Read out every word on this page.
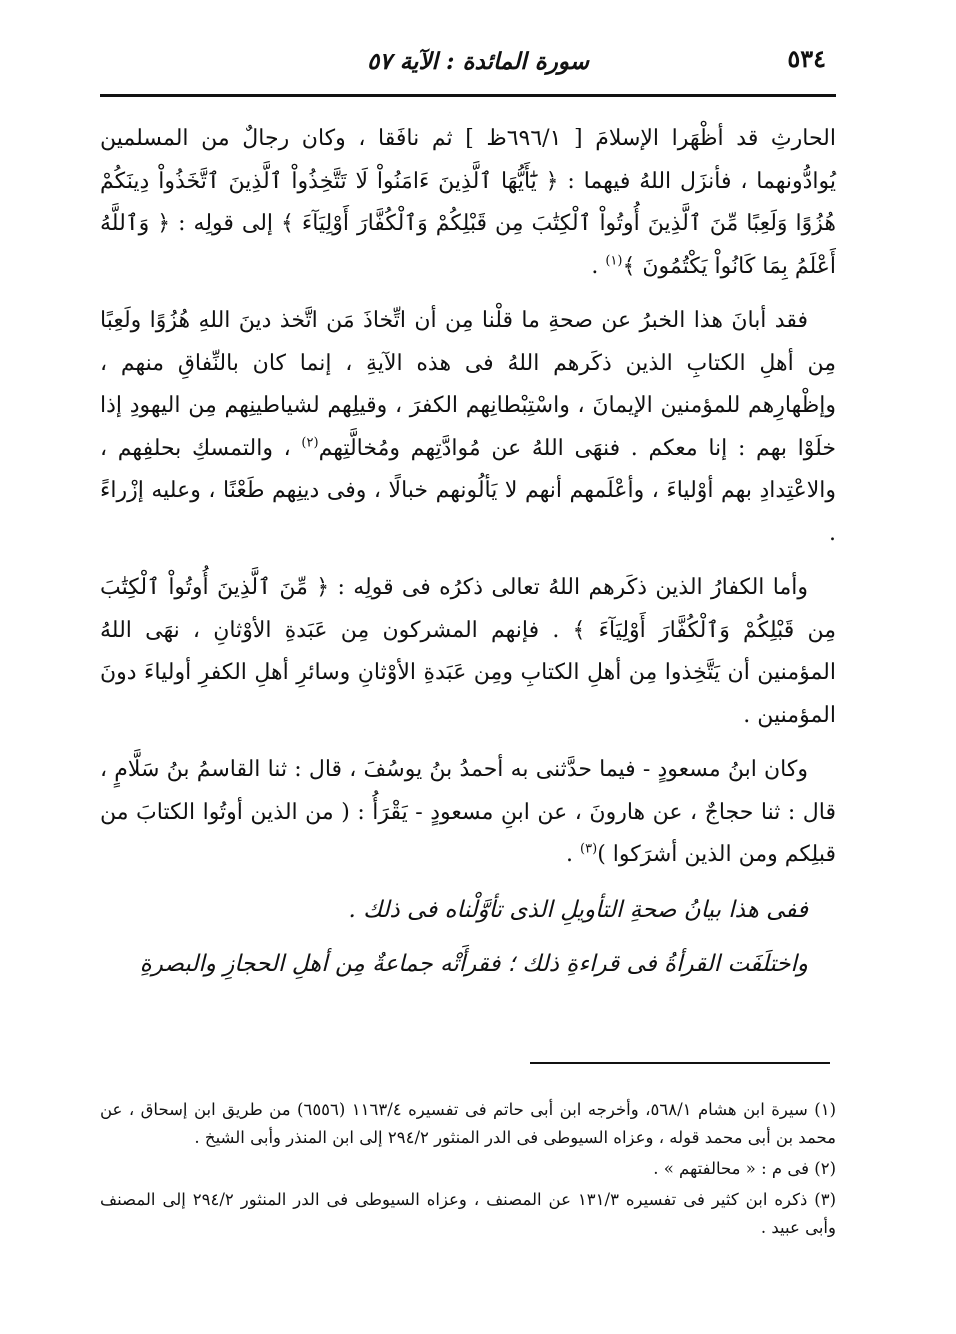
٥٣٤
سورة المائدة : الآية ٥٧

الحارثِ قد أظْهَرا الإسلامَ [ ٦٩٦/١ظ ] ثم نافَقا ، وكان رجالٌ من المسلمين يُوادُّونهما ، فأنزَل اللهُ فيهما : ﴿ يَٰٓأَيُّهَا ٱلَّذِينَ ءَامَنُواْ لَا تَتَّخِذُواْ ٱلَّذِينَ ٱتَّخَذُواْ دِينَكُمْ هُزُوًا وَلَعِبًا مِّنَ ٱلَّذِينَ أُوتُواْ ٱلْكِتَٰبَ مِن قَبْلِكُمْ وَٱلْكُفَّارَ أَوْلِيَآءَ ﴾ إلى قولِه : ﴿ وَٱللَّهُ أَعْلَمُ بِمَا كَانُواْ يَكْتُمُونَ ﴾$^{(١)}$ .

فقد أبانَ هذا الخبرُ عن صحةِ ما قلْنا مِن أن اتِّخاذَ مَن اتَّخذ دينَ اللهِ هُزُوًا ولَعِبًا مِن أهلِ الكتابِ الذين ذكَرهم اللهُ فى هذه الآيةِ ، إنما كان بالنِّفاقِ منهم ، وإظْهارِهم للمؤمنين الإيمانَ ، واسْتِبْطانِهم الكفرَ ، وقيلِهم لشياطينِهم مِن اليهودِ إذا خلَوْا بهم : إنا معكم . فنهَى اللهُ عن مُوادَّتِهم ومُخالَّتِهم$^{(٢)}$ ، والتمسكِ بحلفِهم ، والاعْتِدادِ بهم أوْلياءَ ، وأعْلَمهم أنهم لا يَألُونهم خبالًا ، وفى دينِهم طَعْنًا ، وعليه إزْراءً .

وأما الكفارُ الذين ذكَرهم اللهُ تعالى ذكرُه فى قولِه : ﴿ مِّنَ ٱلَّذِينَ أُوتُواْ ٱلْكِتَٰبَ مِن قَبْلِكُمْ وَٱلْكُفَّارَ أَوْلِيَآءَ ﴾ . فإنهم المشركون مِن عَبَدةِ الأوْثانِ ، نهَى اللهُ المؤمنين أن يَتَّخِذوا مِن أهلِ الكتابِ ومِن عَبَدةِ الأوْثانِ وسائرِ أهلِ الكفرِ أولياءَ دونَ المؤمنين .

وكان ابنُ مسعودٍ - فيما حدَّثنى به أحمدُ بنُ يوسُفَ ، قال : ثنا القاسمُ بنُ سَلَّامٍ ، قال : ثنا حجاجٌ ، عن هارونَ ، عن ابنِ مسعودٍ - يَقْرَأُ : ( من الذين أوتُوا الكتابَ من قبلِكم ومن الذين أشرَكوا )$^{(٣)}$ .

ففى هذا بيانُ صحةِ التأويلِ الذى تأوَّلْناه فى ذلك .

واختلَفَت القرأةُ فى قراءةِ ذلك ؛ فقرأَتْه جماعةٌ مِن أهلِ الحجازِ والبصرةِ

(١) سيرة ابن هشام ٥٦٨/١، وأخرجه ابن أبى حاتم فى تفسيره ١١٦٣/٤ (٦٥٥٦) من طريق ابن إسحاق ، عن محمد بن أبى محمد قوله ، وعزاه السيوطى فى الدر المنثور ٢٩٤/٢ إلى ابن المنذر وأبى الشيخ .

(٢) فى م : « محالفتهم » .

(٣) ذكره ابن كثير فى تفسيره ١٣١/٣ عن المصنف ، وعزاه السيوطى فى الدر المنثور ٢٩٤/٢ إلى المصنف وأبى عبيد .
